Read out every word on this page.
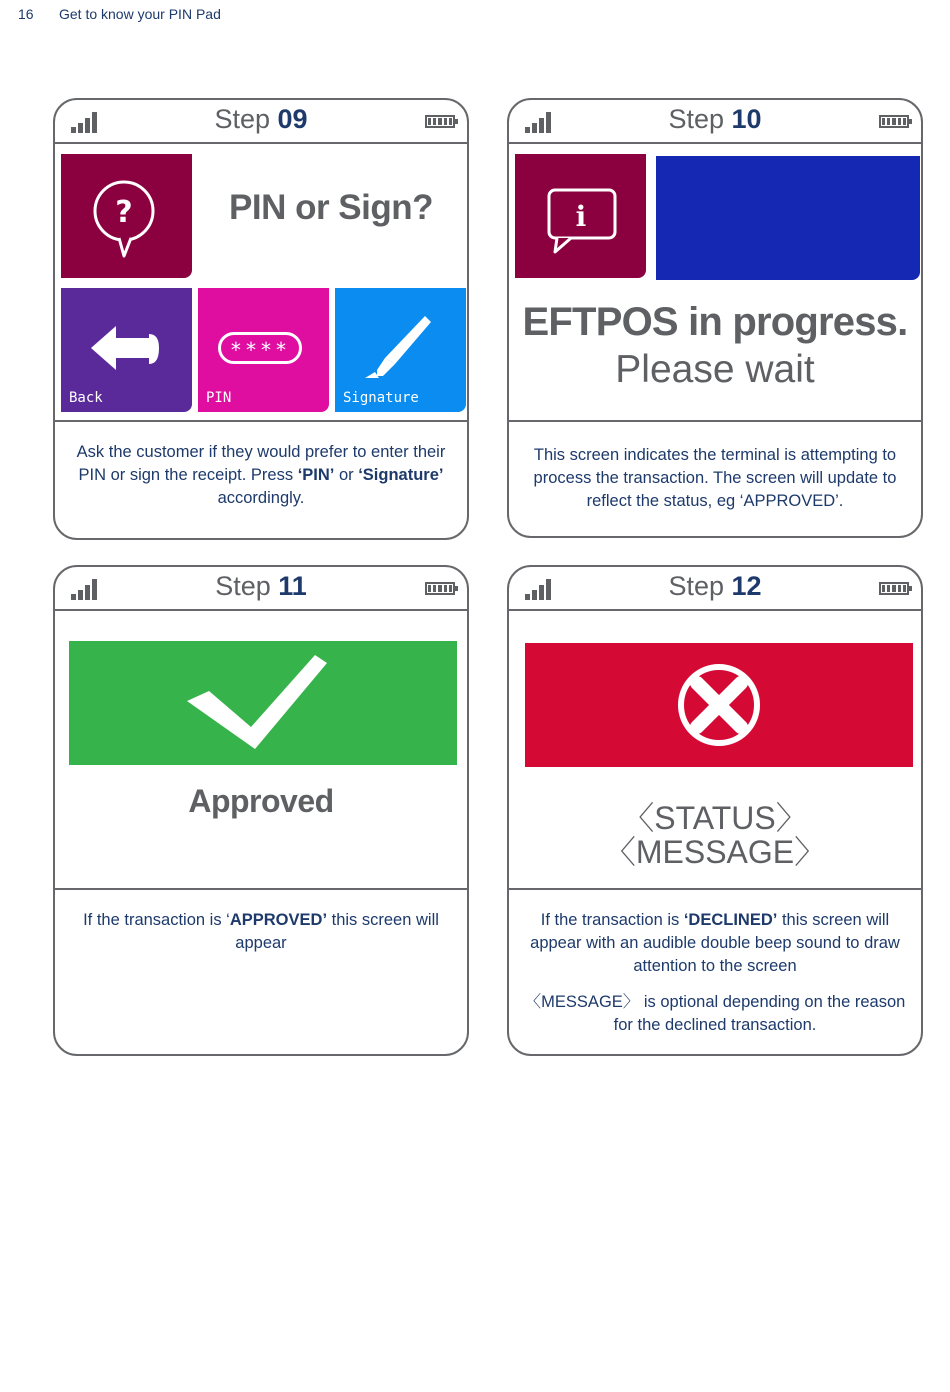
16 Get to know your PIN Pad
Step 09
?	PIN or Sign?
Back
****
PIN	Signature
Ask the customer if they would prefer to enter their PIN or sign the receipt. Press ‘PIN’ or ‘Signature’ accordingly.
Step 10
i
EFTPOS in progress.
Please wait
This screen indicates the terminal is attempting to process the transaction. The screen will update to reflect the status, eg ‘APPROVED’.
Step 11
Approved
If the transaction is ‘APPROVED’ this screen will appear
Step 12
〈STATUS〉
〈MESSAGE〉
If the transaction is ‘DECLINED’ this screen will appear with an audible double beep sound to draw attention to the screen
〈MESSAGE〉 is optional depending on the reason for the declined transaction.
